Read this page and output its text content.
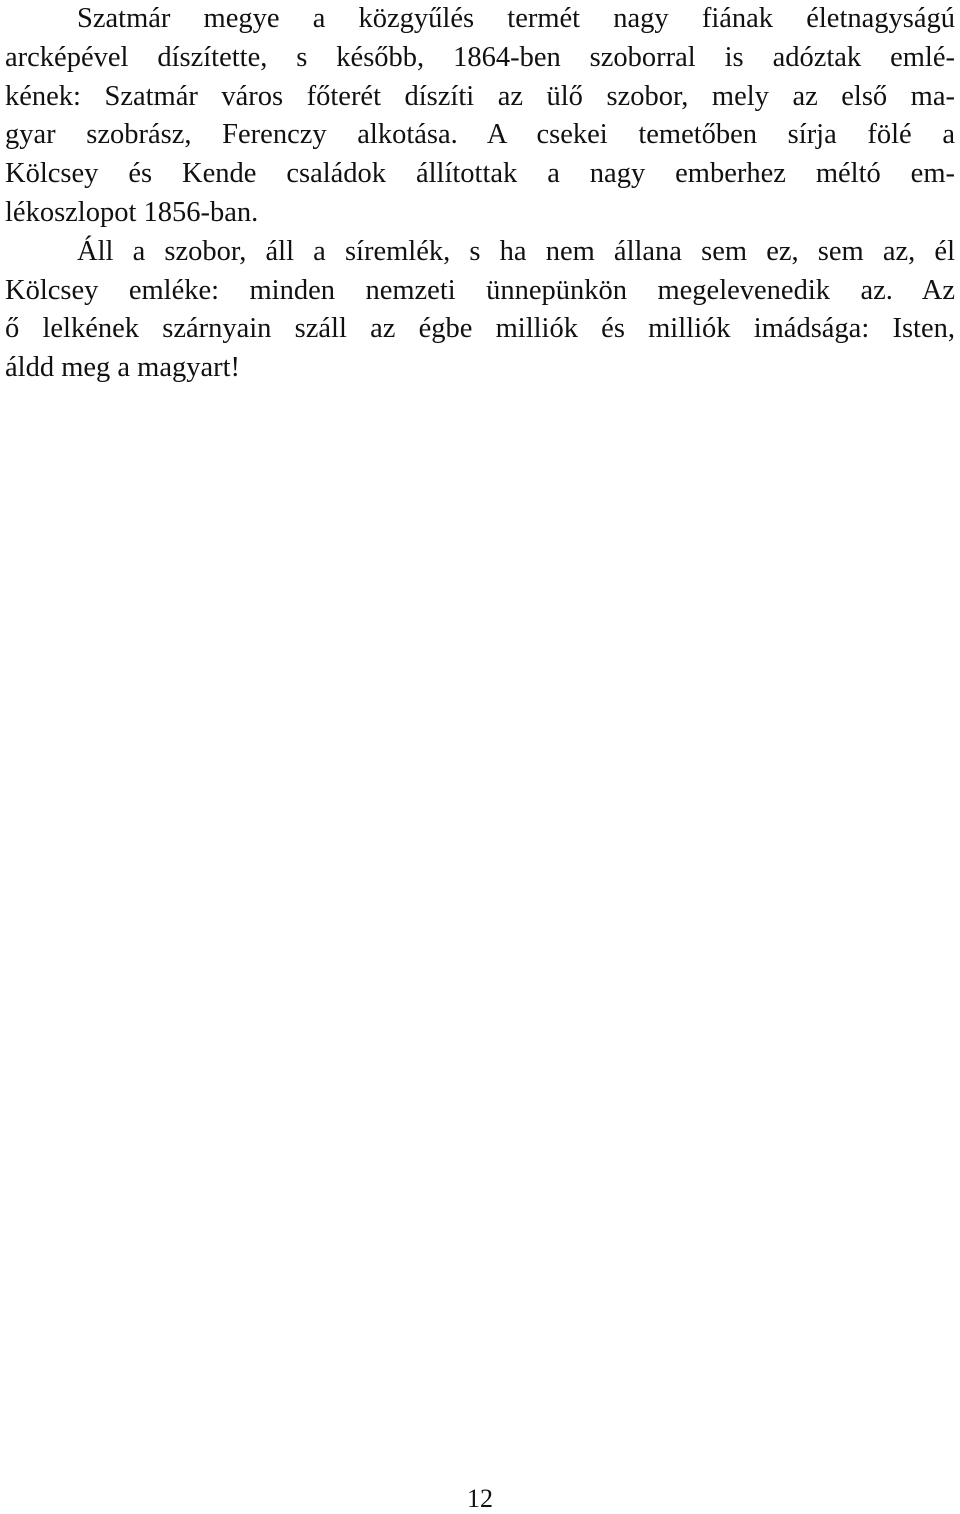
Szatmár megye a közgyűlés termét nagy fiának életnagyságú
arcképével díszítette, s később, 1864-ben szoborral is adóztak emlé-
kének: Szatmár város főterét díszíti az ülő szobor, mely az első ma-
gyar szobrász, Ferenczy alkotása. A csekei temetőben sírja fölé a
Kölcsey és Kende családok állítottak a nagy emberhez méltó em-
lékoszlopot 1856-ban.

Áll a szobor, áll a síremlék, s ha nem állana sem ez, sem az, él
Kölcsey emléke: minden nemzeti ünnepünkön megelevenedik az. Az
ő lelkének szárnyain száll az égbe milliók és milliók imádsága: Isten,
áldd meg a magyart!

12
